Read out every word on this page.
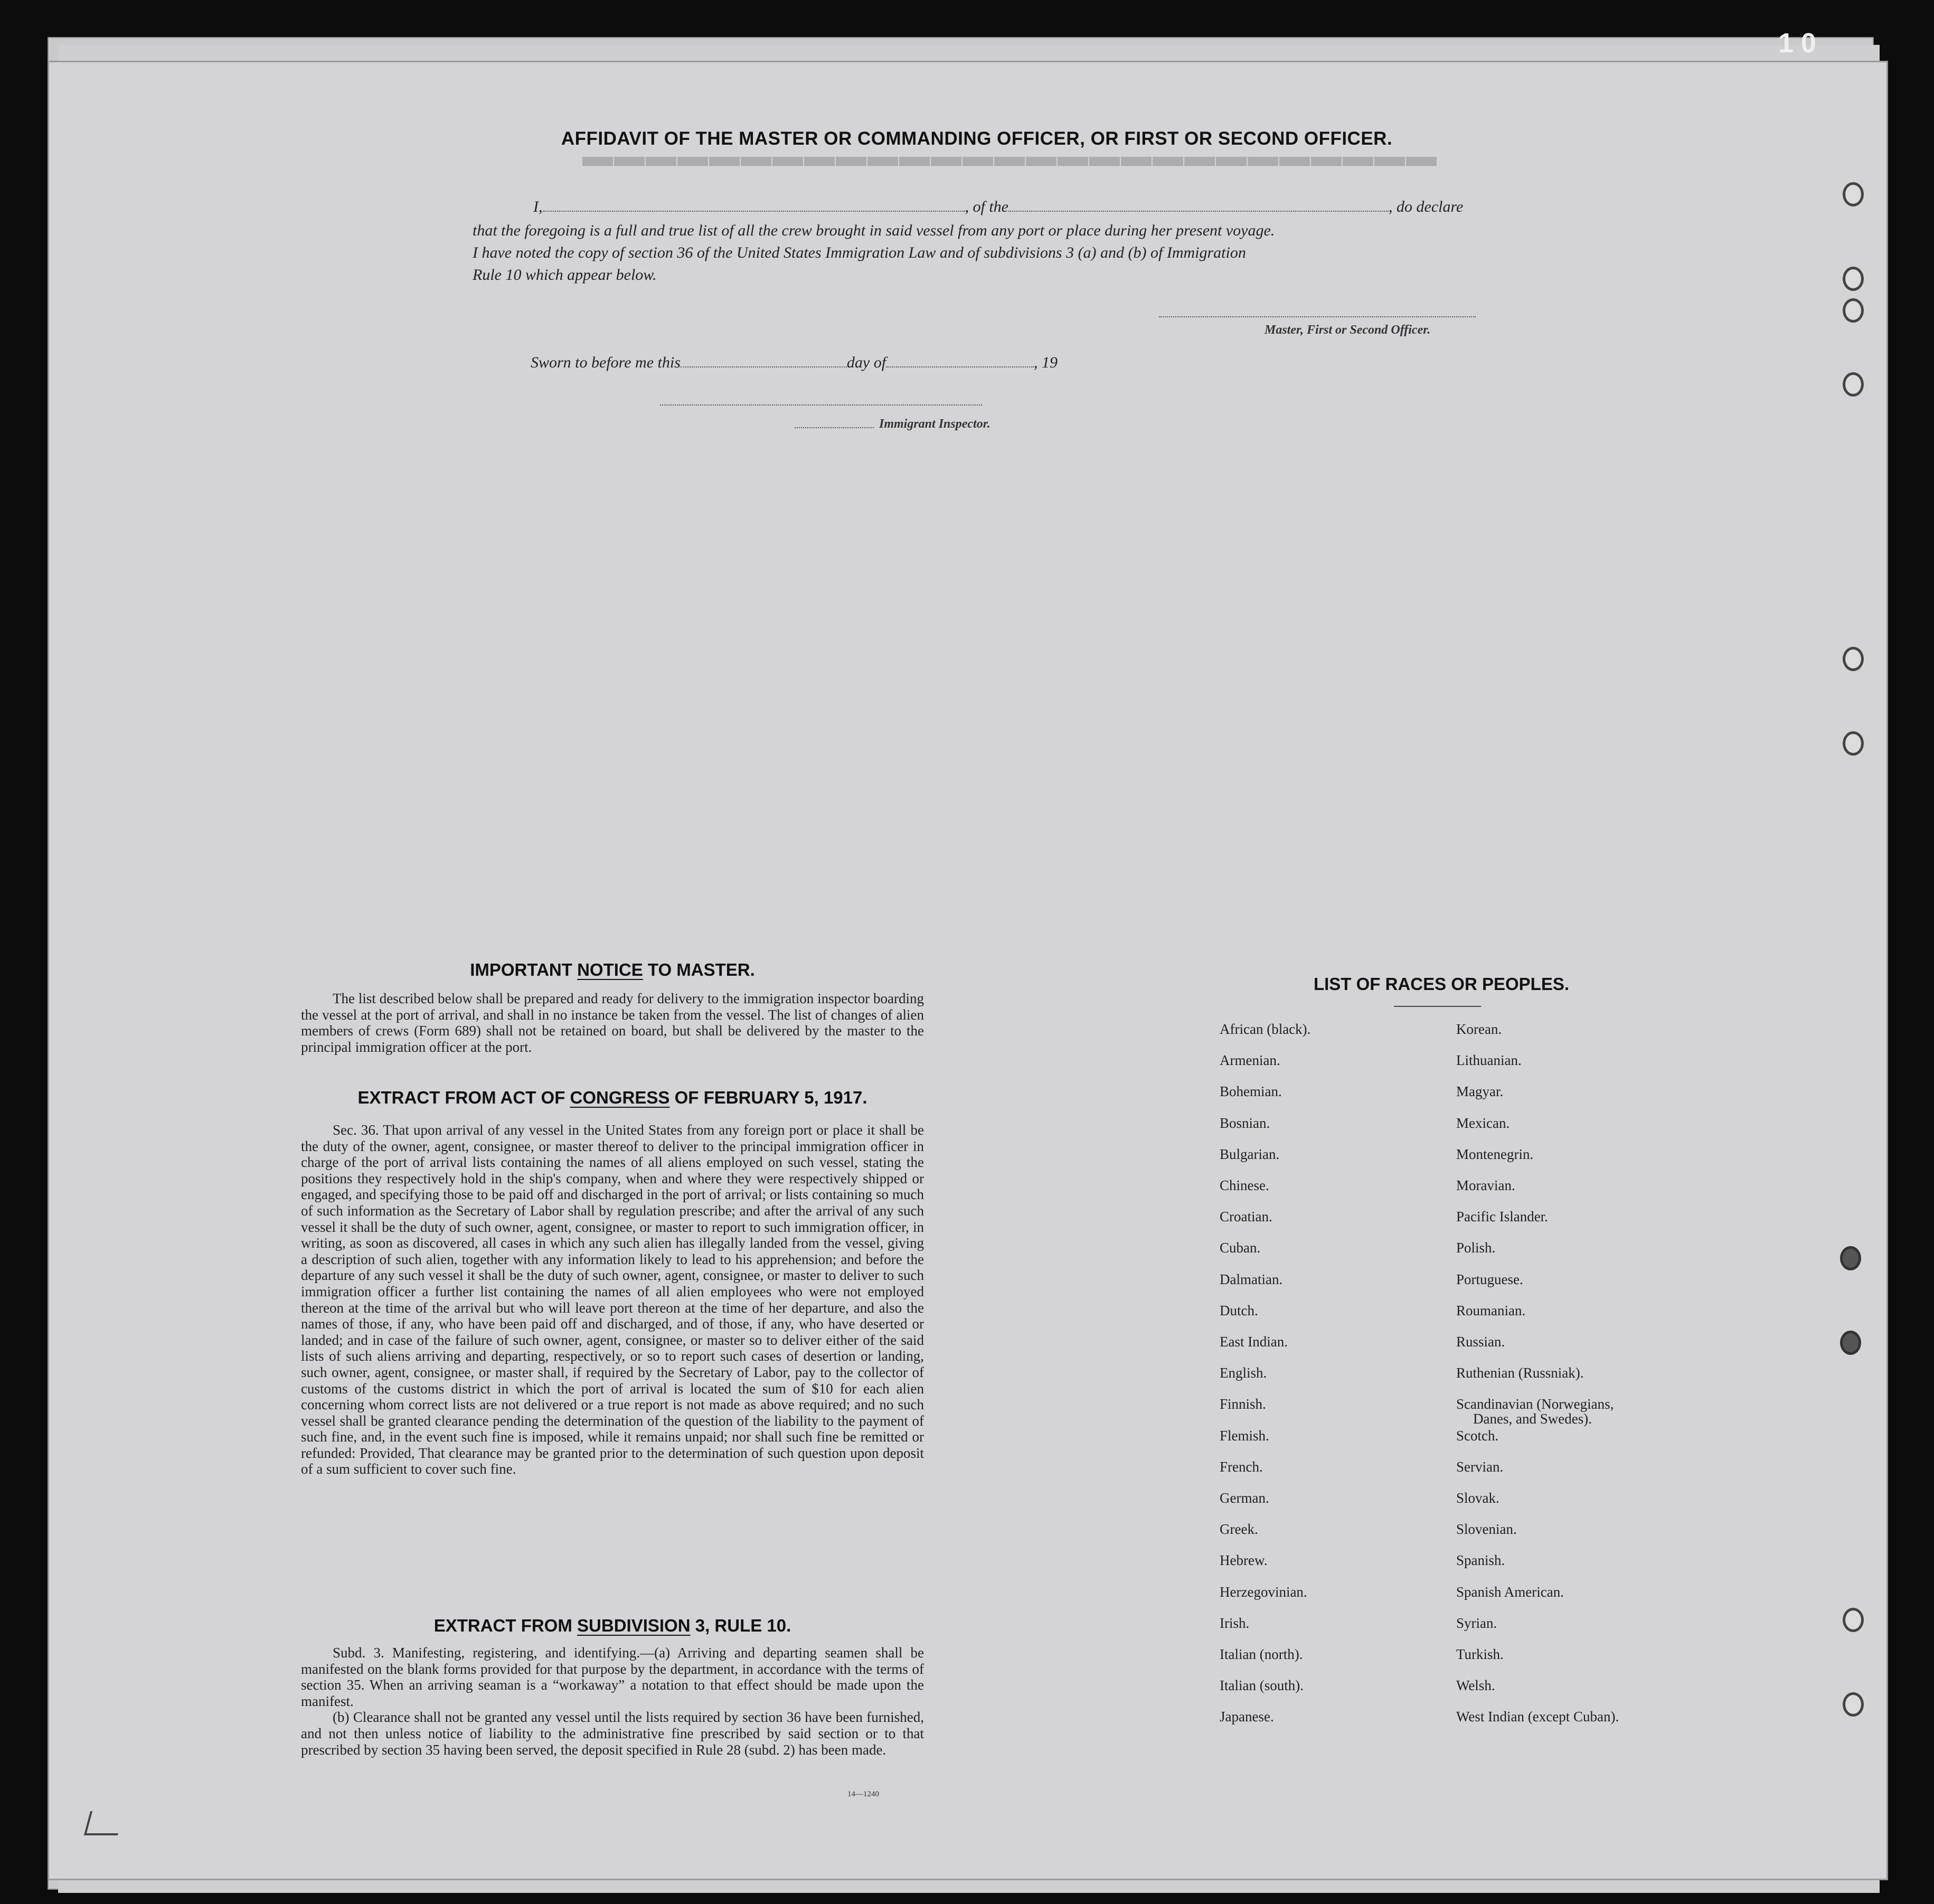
10
▬▬▬▬▬▬▬▬▬▬▬▬▬▬▬▬▬▬▬▬▬▬▬▬▬▬▬
AFFIDAVIT OF THE MASTER OR COMMANDING OFFICER, OR FIRST OR SECOND OFFICER.
I,	, of the	, do declare
that the foregoing is a full and true list of all the crew brought in said vessel from any port or place during her present voyage.
I have noted the copy of section 36 of the United States Immigration Law and of subdivisions 3 (a) and (b) of Immigration
Rule 10 which appear below.
Master, First or Second Officer.
Sworn to before me this	day of	, 19
Immigrant Inspector.
IMPORTANT NOTICE TO MASTER.

The list described below shall be prepared and ready for delivery to the immigration inspector boarding the vessel at the port of arrival, and shall in no instance be taken from the vessel. The list of changes of alien members of crews (Form 689) shall not be retained on board, but shall be delivered by the master to the principal immigration officer at the port.

EXTRACT FROM ACT OF CONGRESS OF FEBRUARY 5, 1917.

Sec. 36. That upon arrival of any vessel in the United States from any foreign port or place it shall be the duty of the owner, agent, consignee, or master thereof to deliver to the principal immigration officer in charge of the port of arrival lists containing the names of all aliens employed on such vessel, stating the positions they respectively hold in the ship's company, when and where they were respectively shipped or engaged, and specifying those to be paid off and discharged in the port of arrival; or lists containing so much of such information as the Secretary of Labor shall by regulation prescribe; and after the arrival of any such vessel it shall be the duty of such owner, agent, consignee, or master to report to such immigration officer, in writing, as soon as discovered, all cases in which any such alien has illegally landed from the vessel, giving a description of such alien, together with any information likely to lead to his apprehension; and before the departure of any such vessel it shall be the duty of such owner, agent, consignee, or master to deliver to such immigration officer a further list containing the names of all alien employees who were not employed thereon at the time of the arrival but who will leave port thereon at the time of her departure, and also the names of those, if any, who have been paid off and discharged, and of those, if any, who have deserted or landed; and in case of the failure of such owner, agent, consignee, or master so to deliver either of the said lists of such aliens arriving and departing, respectively, or so to report such cases of desertion or landing, such owner, agent, consignee, or master shall, if required by the Secretary of Labor, pay to the collector of customs of the customs district in which the port of arrival is located the sum of $10 for each alien concerning whom correct lists are not delivered or a true report is not made as above required; and no such vessel shall be granted clearance pending the determination of the question of the liability to the payment of such fine, and, in the event such fine is imposed, while it remains unpaid; nor shall such fine be remitted or refunded: Provided, That clearance may be granted prior to the determination of such question upon deposit of a sum sufficient to cover such fine.

EXTRACT FROM SUBDIVISION 3, RULE 10.

Subd. 3. Manifesting, registering, and identifying.—(a) Arriving and departing seamen shall be manifested on the blank forms provided for that purpose by the department, in accordance with the terms of section 35. When an arriving seaman is a “workaway” a notation to that effect should be made upon the manifest.

(b) Clearance shall not be granted any vessel until the lists required by section 36 have been furnished, and not then unless notice of liability to the administrative fine prescribed by said section or to that prescribed by section 35 having been served, the deposit specified in Rule 28 (subd. 2) has been made.

14—1240
LIST OF RACES OR PEOPLES.
African (black).
Armenian.
Bohemian.
Bosnian.
Bulgarian.
Chinese.
Croatian.
Cuban.
Dalmatian.
Dutch.
East Indian.
English.
Finnish.
Flemish.
French.
German.
Greek.
Hebrew.
Herzegovinian.
Irish.
Italian (north).
Italian (south).
Japanese.
Korean.
Lithuanian.
Magyar.
Mexican.
Montenegrin.
Moravian.
Pacific Islander.
Polish.
Portuguese.
Roumanian.
Russian.
Ruthenian (Russniak).
Scandinavian (Norwegians,
Danes, and Swedes).
Scotch.
Servian.
Slovak.
Slovenian.
Spanish.
Spanish American.
Syrian.
Turkish.
Welsh.
West Indian (except Cuban).
